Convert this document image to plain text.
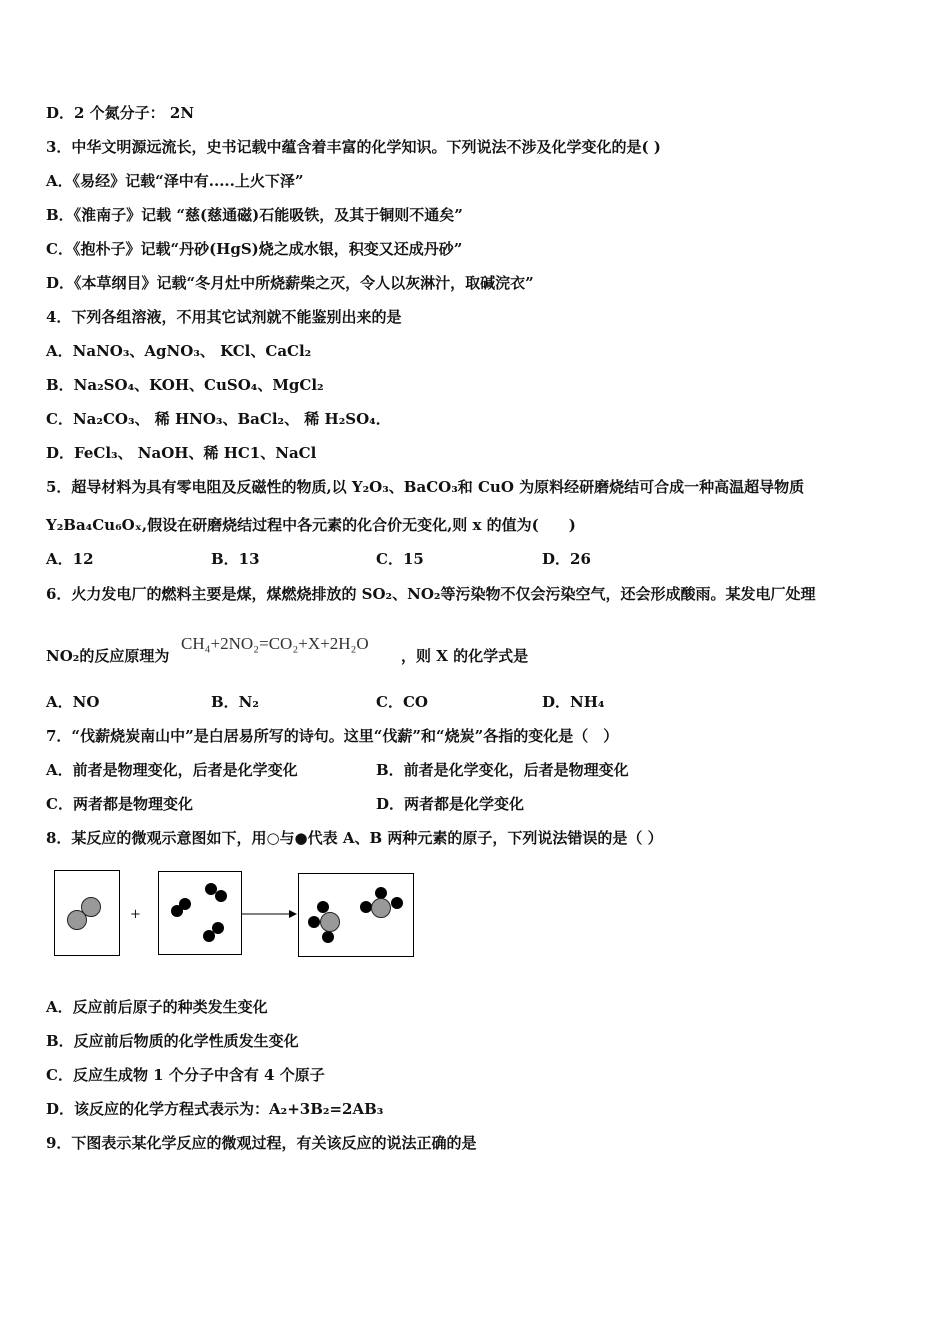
D．2 个氮分子： 2N
3．中华文明源远流长，史书记载中蕴含着丰富的化学知识。下列说法不涉及化学变化的是( )
A．《易经》记载“泽中有.....上火下泽”
B．《淮南子》记载 “慈(慈通磁)石能吸铁，及其于铜则不通矣”
C．《抱朴子》记载“丹砂(HgS)烧之成水银，积变又还成丹砂”
D．《本草纲目》记载“冬月灶中所烧薪柴之灭，令人以灰淋汁，取碱浣衣”
4．下列各组溶液，不用其它试剂就不能鉴别出来的是
A．NaNO₃、AgNO₃、 KCl、CaCl₂
B．Na₂SO₄、KOH、CuSO₄、MgCl₂
C．Na₂CO₃、 稀 HNO₃、BaCl₂、 稀 H₂SO₄．
D．FeCl₃、 NaOH、稀 HC1、NaCl
5．超导材料为具有零电阻及反磁性的物质,以 Y₂O₃、BaCO₃和 CuO 为原料经研磨烧结可合成一种高温超导物质
Y₂Ba₄Cu₆Oₓ,假设在研磨烧结过程中各元素的化合价无变化,则 x 的值为(　　)
A．12	B．13	C．15	D．26
6．火力发电厂的燃料主要是煤，煤燃烧排放的 SO₂、NO₂等污染物不仅会污染空气，还会形成酸雨。某发电厂处理
NO₂的反应原理为
CH₄+2NO₂=CO₂+X+2H₂O
，则 X 的化学式是
A．NO	B．N₂	C．CO	D．NH₄
7．“伐薪烧炭南山中”是白居易所写的诗句。这里“伐薪”和“烧炭”各指的变化是（　）
A．前者是物理变化，后者是化学变化	B．前者是化学变化，后者是物理变化
C．两者都是物理变化	D．两者都是化学变化
8．某反应的微观示意图如下，用○与●代表 A、B 两种元素的原子，下列说法错误的是（ ）
+
A．反应前后原子的种类发生变化
B．反应前后物质的化学性质发生变化
C．反应生成物 1 个分子中含有 4 个原子
D．该反应的化学方程式表示为：A₂+3B₂=2AB₃
9．下图表示某化学反应的微观过程，有关该反应的说法正确的是
